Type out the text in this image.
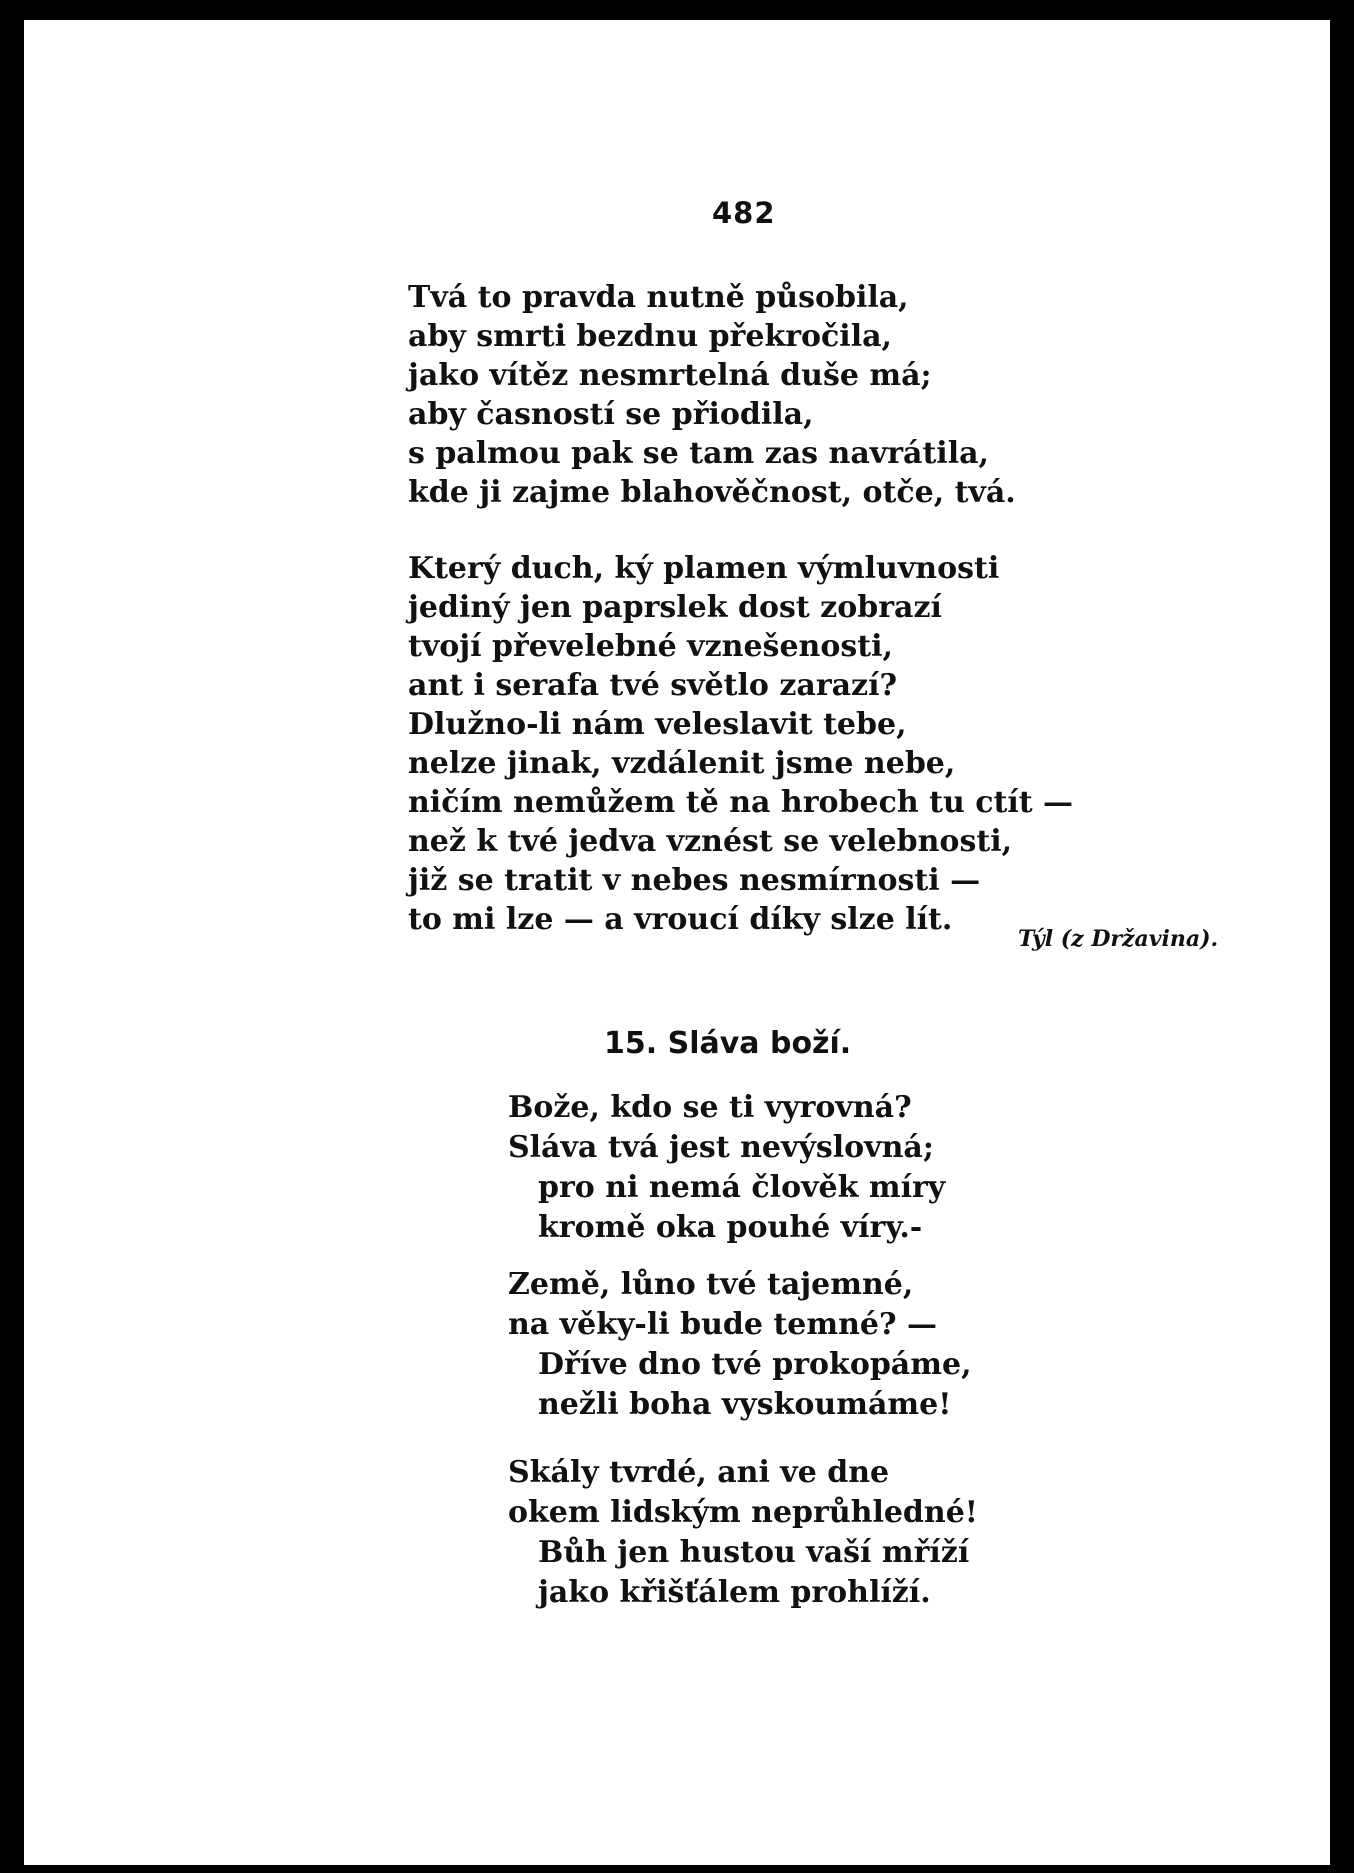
482
Tvá to pravda nutně působila,
aby smrti bezdnu překročila,
jako vítěz nesmrtelná duše má;
aby časností se přiodila,
s palmou pak se tam zas navrátila,
kde ji zajme blahověčnost, otče, tvá.
Který duch, ký plamen výmluvnosti
jediný jen paprslek dost zobrazí
tvojí převelebné vznešenosti,
ant i serafa tvé světlo zarazí?
Dlužno-li nám veleslavit tebe,
nelze jinak, vzdálenit jsme nebe,
ničím nemůžem tě na hrobech tu ctít —
než k tvé jedva vznést se velebnosti,
již se tratit v nebes nesmírnosti —
to mi lze — a vroucí díky slze lít.
Týl (z Državina).
15. Sláva boží.
Bože, kdo se ti vyrovná?
Sláva tvá jest nevýslovná;
pro ni nemá člověk míry
kromě oka pouhé víry.-
Země, lůno tvé tajemné,
na věky-li bude temné? —
Dříve dno tvé prokopáme,
nežli boha vyskoumáme!
Skály tvrdé, ani ve dne
okem lidským neprůhledné!
Bůh jen hustou vaší mříží
jako křišťálem prohlíží.
